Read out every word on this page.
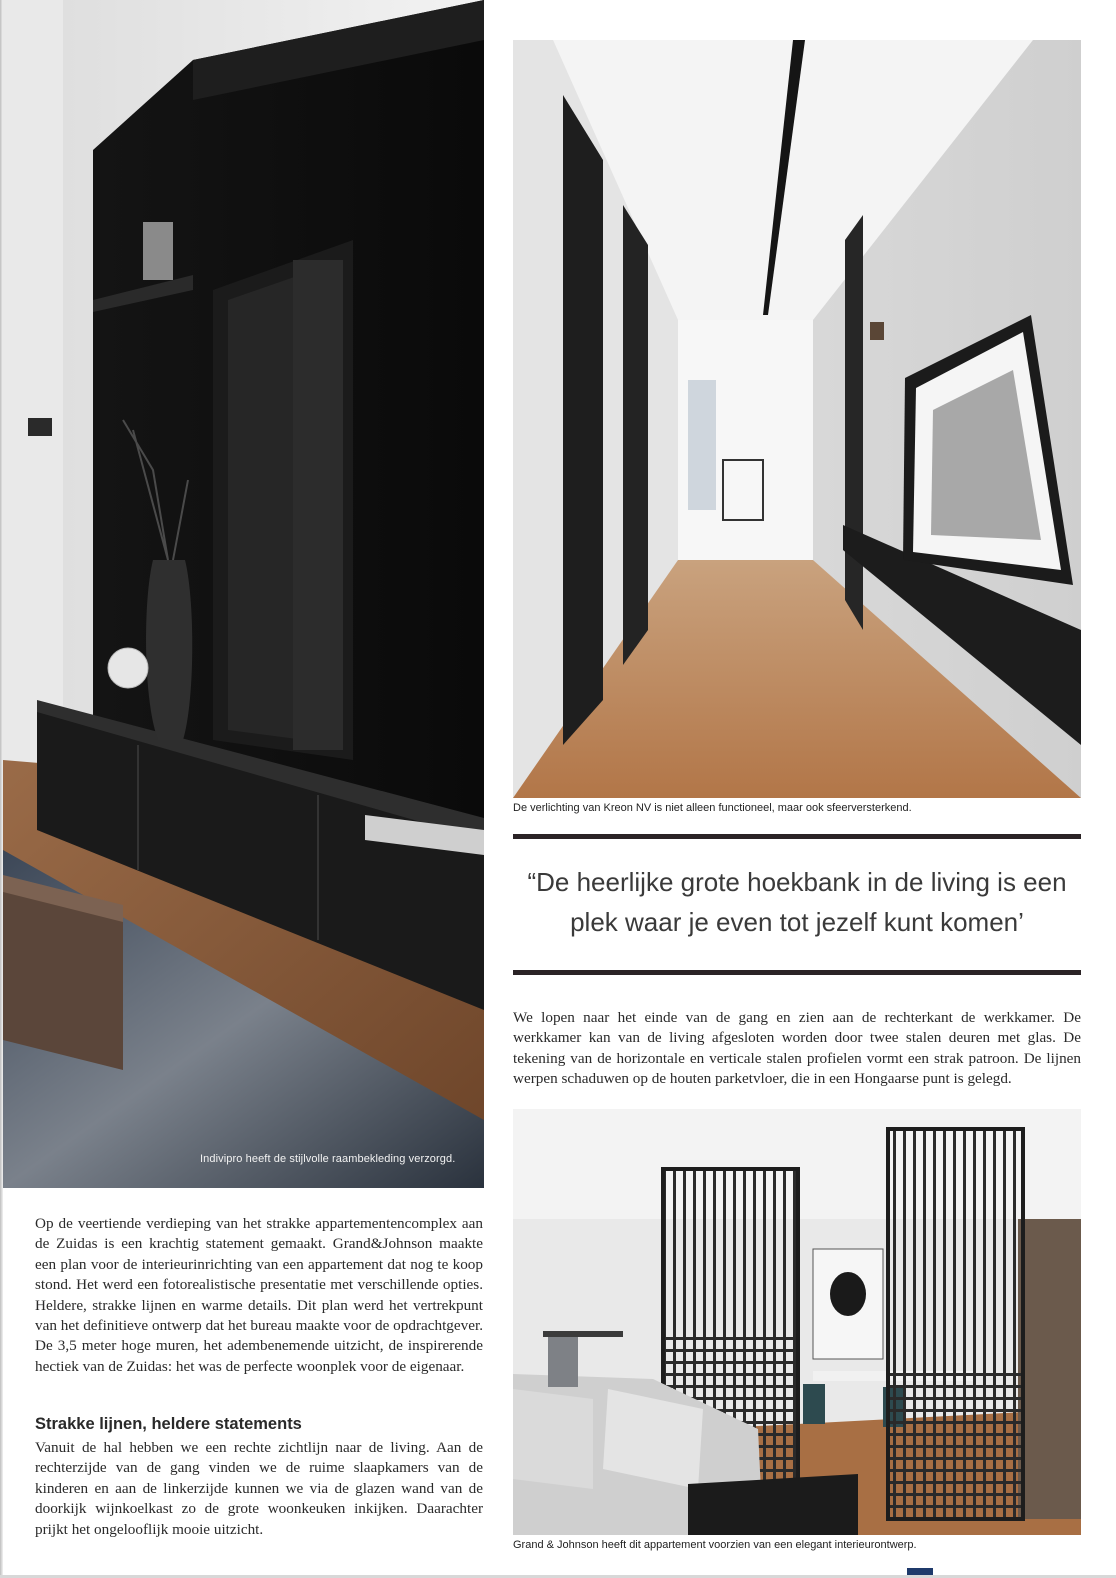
Indivipro heeft de stijlvolle raambekleding verzorgd.

Op de veertiende verdieping van het strakke appartementencomplex aan de Zuidas is een krachtig statement gemaakt. Grand&Johnson maakte een plan voor de interieurinrichting van een appartement dat nog te koop stond. Het werd een fotorealistische presentatie met verschillende opties. Heldere, strakke lijnen en warme details. Dit plan werd het vertrekpunt van het definitieve ontwerp dat het bureau maakte voor de opdrachtgever. De 3,5 meter hoge muren, het adembenemende uitzicht, de inspirerende hectiek van de Zuidas: het was de perfecte woonplek voor de eigenaar.

Strakke lijnen, heldere statements

Vanuit de hal hebben we een rechte zichtlijn naar de living. Aan de rechterzijde van de gang vinden we de ruime slaapkamers van de kinderen en aan de linkerzijde kunnen we via de glazen wand van de doorkijk wijnkoelkast zo de grote woonkeuken inkijken. Daarachter prijkt het ongelooflijk mooie uitzicht.

De verlichting van Kreon NV is niet alleen functioneel, maar ook sfeerversterkend.
“De heerlijke grote hoekbank in de living is een
plek waar je even tot jezelf kunt komen’

We lopen naar het einde van de gang en zien aan de rechterkant de werkkamer. De werkkamer kan van de living afgesloten worden door twee stalen deuren met glas. De tekening van de horizontale en verticale stalen profielen vormt een strak patroon. De lijnen werpen schaduwen op de houten parketvloer, die in een Hongaarse punt is gelegd.

Grand & Johnson heeft dit appartement voorzien van een elegant interieurontwerp.
